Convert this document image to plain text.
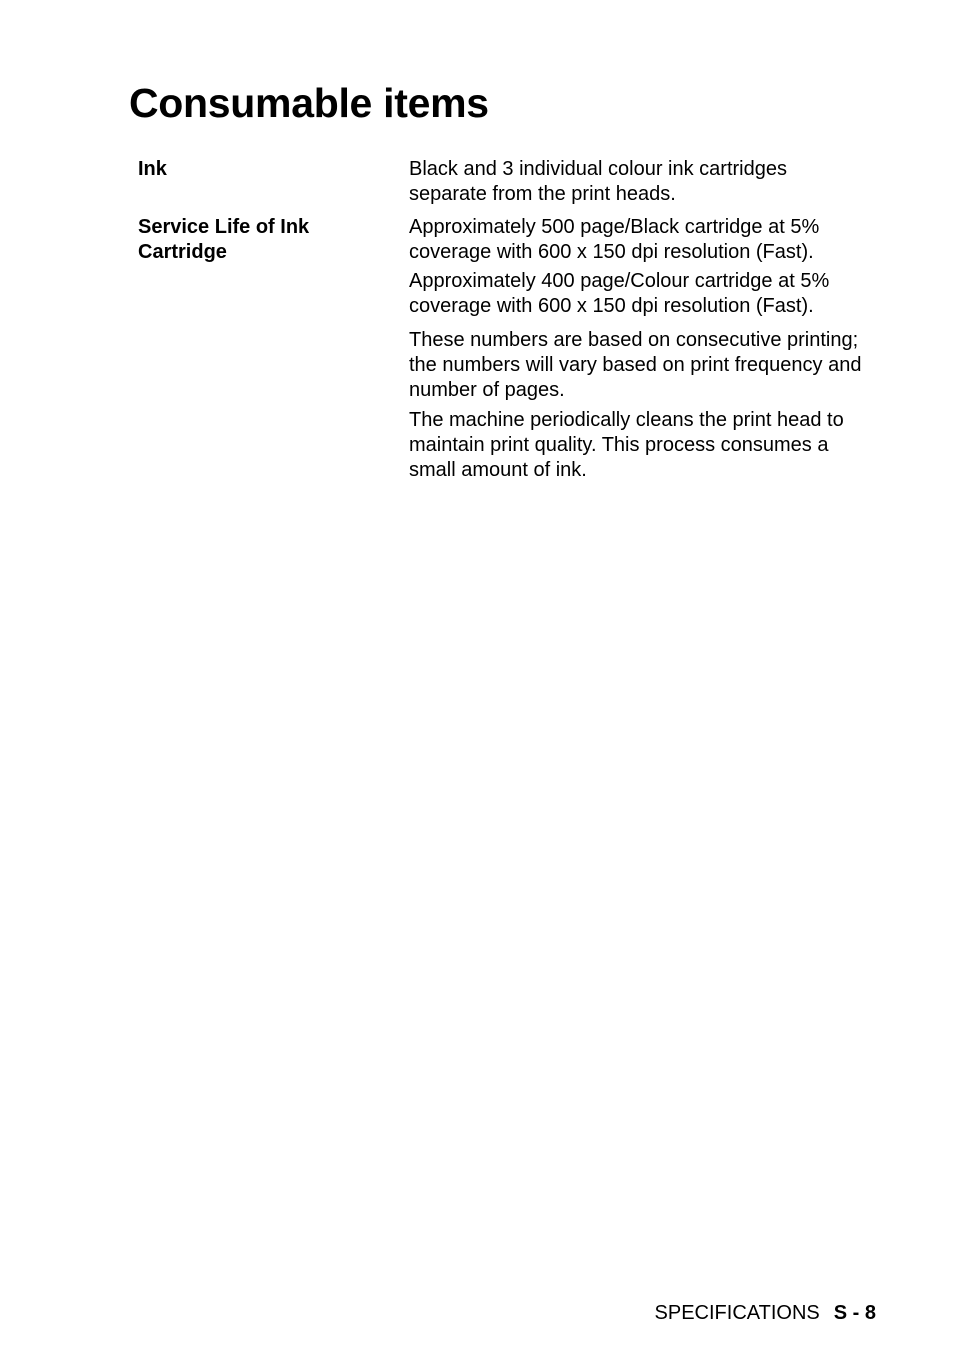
Consumable items
Ink	Black and 3 individual colour ink cartridges
separate from the print heads.

Service Life of Ink
Cartridge

Approximately 500 page/Black cartridge at 5%
coverage with 600 x 150 dpi resolution (Fast).

Approximately 400 page/Colour cartridge at 5%
coverage with 600 x 150 dpi resolution (Fast).

These numbers are based on consecutive printing;
the numbers will vary based on print frequency and
number of pages.

The machine periodically cleans the print head to
maintain print quality. This process consumes a
small amount of ink.

SPECIFICATIONS S - 8
